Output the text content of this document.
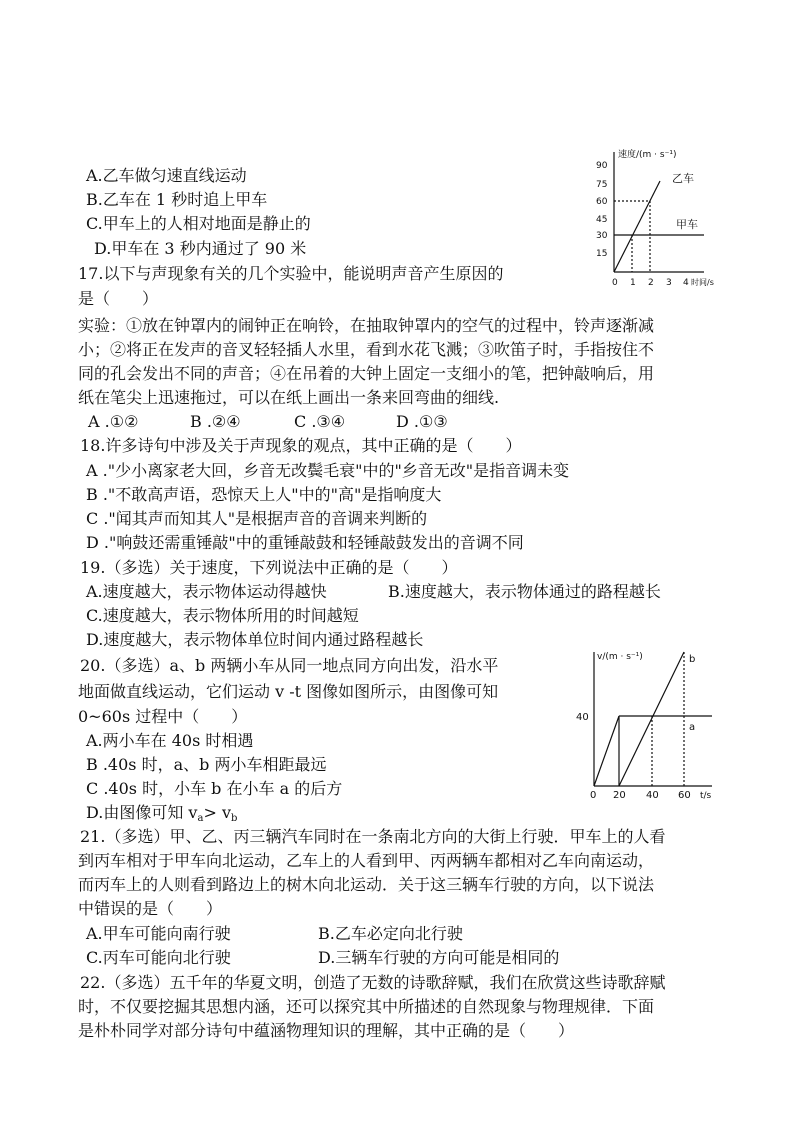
A.乙车做匀速直线运动
B.乙车在 1 秒时追上甲车
C.甲车上的人相对地面是静止的
D.甲车在 3 秒内通过了 90 米
速度/(m · s⁻¹)
90
75
60
45
30
15
0 1 2 3 4 时间/s
乙车
甲车
17.以下与声现象有关的几个实验中，能说明声音产生原因的
是（　　）
实验：①放在钟罩内的闹钟正在响铃，在抽取钟罩内的空气的过程中，铃声逐渐减
小；②将正在发声的音叉轻轻插人水里，看到水花飞溅；③吹笛子时，手指按住不
同的孔会发出不同的声音；④在吊着的大钟上固定一支细小的笔，把钟敲响后，用
纸在笔尖上迅速拖过，可以在纸上画出一条来回弯曲的细线.
A .①②	B .②④	C .③④	D .①③
18.许多诗句中涉及关于声现象的观点，其中正确的是（　　）
A ."少小离家老大回，乡音无改鬓毛衰"中的"乡音无改"是指音调未变
B ."不敢高声语，恐惊天上人"中的"高"是指响度大
C ."闻其声而知其人"是根据声音的音调来判断的
D ."响鼓还需重锤敲"中的重锤敲鼓和轻锤敲鼓发出的音调不同
19.（多选）关于速度，下列说法中正确的是（　　）
A.速度越大，表示物体运动得越快	B.速度越大，表示物体通过的路程越长
C.速度越大，表示物体所用的时间越短
D.速度越大，表示物体单位时间内通过路程越长
20.（多选）a、b 两辆小车从同一地点同方向出发，沿水平
地面做直线运动，它们运动 v -t 图像如图所示，由图像可知
0~60s 过程中（　　）
A.两小车在 40s 时相遇
B .40s 时，a、b 两小车相距最远
C .40s 时，小车 b 在小车 a 的后方
D.由图像可知 $v_a> v_b$
v/(m · s⁻¹)	b
a
40
0 20 40 60 t/s
21.（多选）甲、乙、丙三辆汽车同时在一条南北方向的大街上行驶．甲车上的人看
到丙车相对于甲车向北运动，乙车上的人看到甲、丙两辆车都相对乙车向南运动，
而丙车上的人则看到路边上的树木向北运动．关于这三辆车行驶的方向，以下说法
中错误的是（　　）
A.甲车可能向南行驶	B.乙车必定向北行驶
C.丙车可能向北行驶	D.三辆车行驶的方向可能是相同的
22.（多选）五千年的华夏文明，创造了无数的诗歌辞赋，我们在欣赏这些诗歌辞赋
时，不仅要挖掘其思想内涵，还可以探究其中所描述的自然现象与物理规律．下面
是朴朴同学对部分诗句中蕴涵物理知识的理解，其中正确的是（　　）
